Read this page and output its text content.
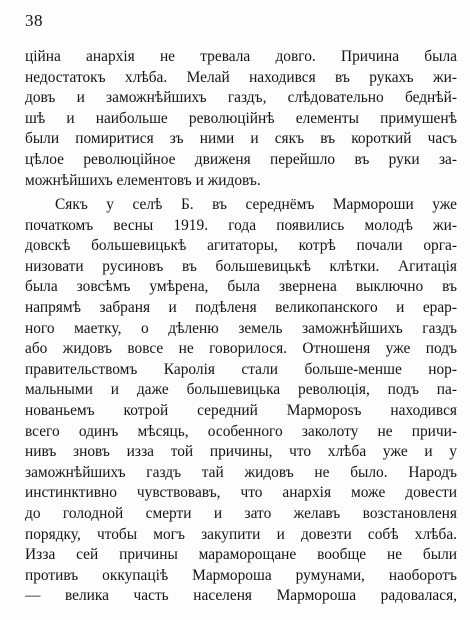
38
цiйна анархiя не тревала довго. Причина была
недостатокъ хлѣба. Мелай находився въ рукахъ жи-
довъ и заможнѣйшихъ газдъ, слѣдовательно беднѣй-
шѣ и наибольше революцiйнѣ елементы примушенѣ
были помиритися зъ ними и сякъ въ короткий часъ
цѣлое революцiйное движеня перейшло въ руки за-
можнѣйшихъ елементовъ и жидовъ.
Сякъ у селѣ Б. въ середнёмъ Мармороши уже
початкомъ весны 1919. года появились молодѣ жи-
довскѣ большевицькѣ агитаторы, котрѣ почали орга-
низовати русиновъ въ большевицькѣ клѣтки. Агитацiя
была зовсѣмъ умѣрена, была звернена выключно въ
напрямѣ забраня и подѣленя великопанского и ерар-
ного маетку, о дѣленю земель заможнѣйшихъ газдъ
або жидовъ вовсе не говорилося. Отношеня уже подъ
правительствомъ Каролiя стали больше-менше нор-
мальными и даже большевицька революцiя, подъ па-
нованьемъ котрой середний Мармороsъ находився
всего одинъ мѣсяць, особенного заколоту не причи-
нивъ зновъ изза той причины, что хлѣба уже и у
заможнѣйшихъ газдъ тай жидовъ не было. Народъ
инстинктивно чувствовавъ, что анархiя може довести
до голодной смерти и зато желавъ возстановленя
порядку, чтобы могъ закупити и довезти собѣ хлѣба.
Изза сей причины мараморощане вообще не были
противъ оккупацiѣ Мармороша румунами, наоборотъ
— велика часть населеня Мармороша радовалася,
